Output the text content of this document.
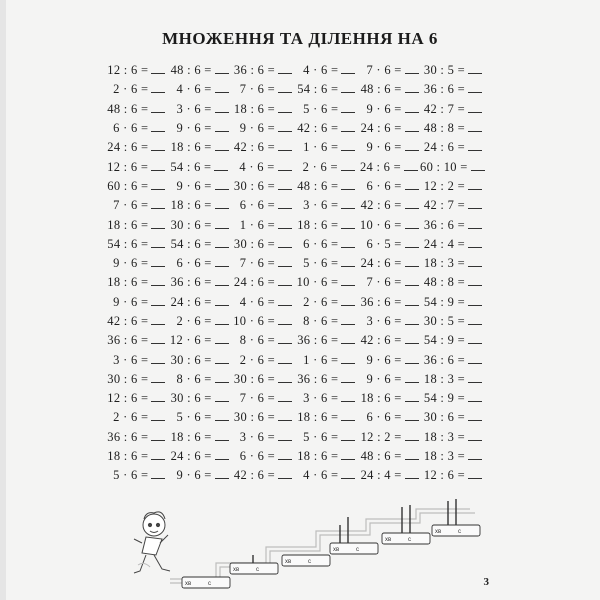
МНОЖЕННЯ ТА ДІЛЕННЯ НА 6
12 : 6 =	48 : 6 =	36 : 6 =	4 · 6 =	7 · 6 =	30 : 5 =
2 · 6 =	4 · 6 =	7 · 6 =	54 : 6 =	48 : 6 =	36 : 6 =
48 : 6 =	3 · 6 =	18 : 6 =	5 · 6 =	9 · 6 =	42 : 7 =
6 · 6 =	9 · 6 =	9 · 6 =	42 : 6 =	24 : 6 =	48 : 8 =
24 : 6 =	18 : 6 =	42 : 6 =	1 · 6 =	9 · 6 =	24 : 6 =
12 : 6 =	54 : 6 =	4 · 6 =	2 · 6 =	24 : 6 =	60 : 10 =
60 : 6 =	9 · 6 =	30 : 6 =	48 : 6 =	6 · 6 =	12 : 2 =
7 · 6 =	18 : 6 =	6 · 6 =	3 · 6 =	42 : 6 =	42 : 7 =
18 : 6 =	30 : 6 =	1 · 6 =	18 : 6 =	10 · 6 =	36 : 6 =
54 : 6 =	54 : 6 =	30 : 6 =	6 · 6 =	6 · 5 =	24 : 4 =
9 · 6 =	6 · 6 =	7 · 6 =	5 · 6 =	24 : 6 =	18 : 3 =
18 : 6 =	36 : 6 =	24 : 6 =	10 · 6 =	7 · 6 =	48 : 8 =
9 · 6 =	24 : 6 =	4 · 6 =	2 · 6 =	36 : 6 =	54 : 9 =
42 : 6 =	2 · 6 =	10 · 6 =	8 · 6 =	3 · 6 =	30 : 5 =
36 : 6 =	12 · 6 =	8 · 6 =	36 : 6 =	42 : 6 =	54 : 9 =
3 · 6 =	30 : 6 =	2 · 6 =	1 · 6 =	9 · 6 =	36 : 6 =
30 : 6 =	8 · 6 =	30 : 6 =	36 : 6 =	9 · 6 =	18 : 3 =
12 : 6 =	30 : 6 =	7 · 6 =	3 · 6 =	18 : 6 =	54 : 9 =
2 · 6 =	5 · 6 =	30 : 6 =	18 : 6 =	6 · 6 =	30 : 6 =
36 : 6 =	18 : 6 =	3 · 6 =	5 · 6 =	12 : 2 =	18 : 3 =
18 : 6 =	24 : 6 =	6 · 6 =	18 : 6 =	48 : 6 =	18 : 3 =
5 · 6 =	9 · 6 =	42 : 6 =	4 · 6 =	24 : 4 =	12 : 6 =
хв	с
хв	с
хв	с
хв	с
хв	с
хв	с
3
